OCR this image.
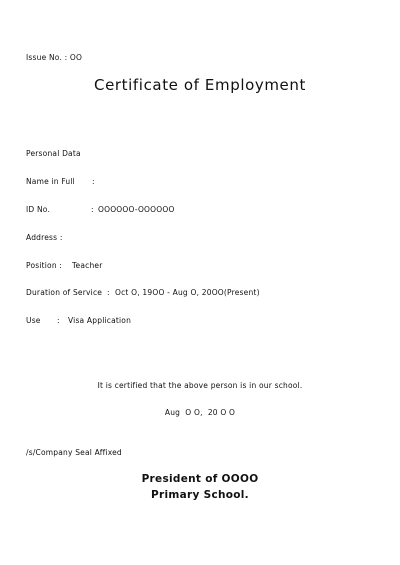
Issue No. : OO
Certificate of Employment
Personal Data
Name in Full :
ID No.	: OOOOOO-OOOOOO
Address :
Position : Teacher
Duration of Service : Oct O, 19OO - Aug O, 20OO(Present)
Use : Visa Application
It is certified that the above person is in our school.
Aug  O O,  20 O O
/s/Company Seal Affixed
President of OOOO
Primary School.
